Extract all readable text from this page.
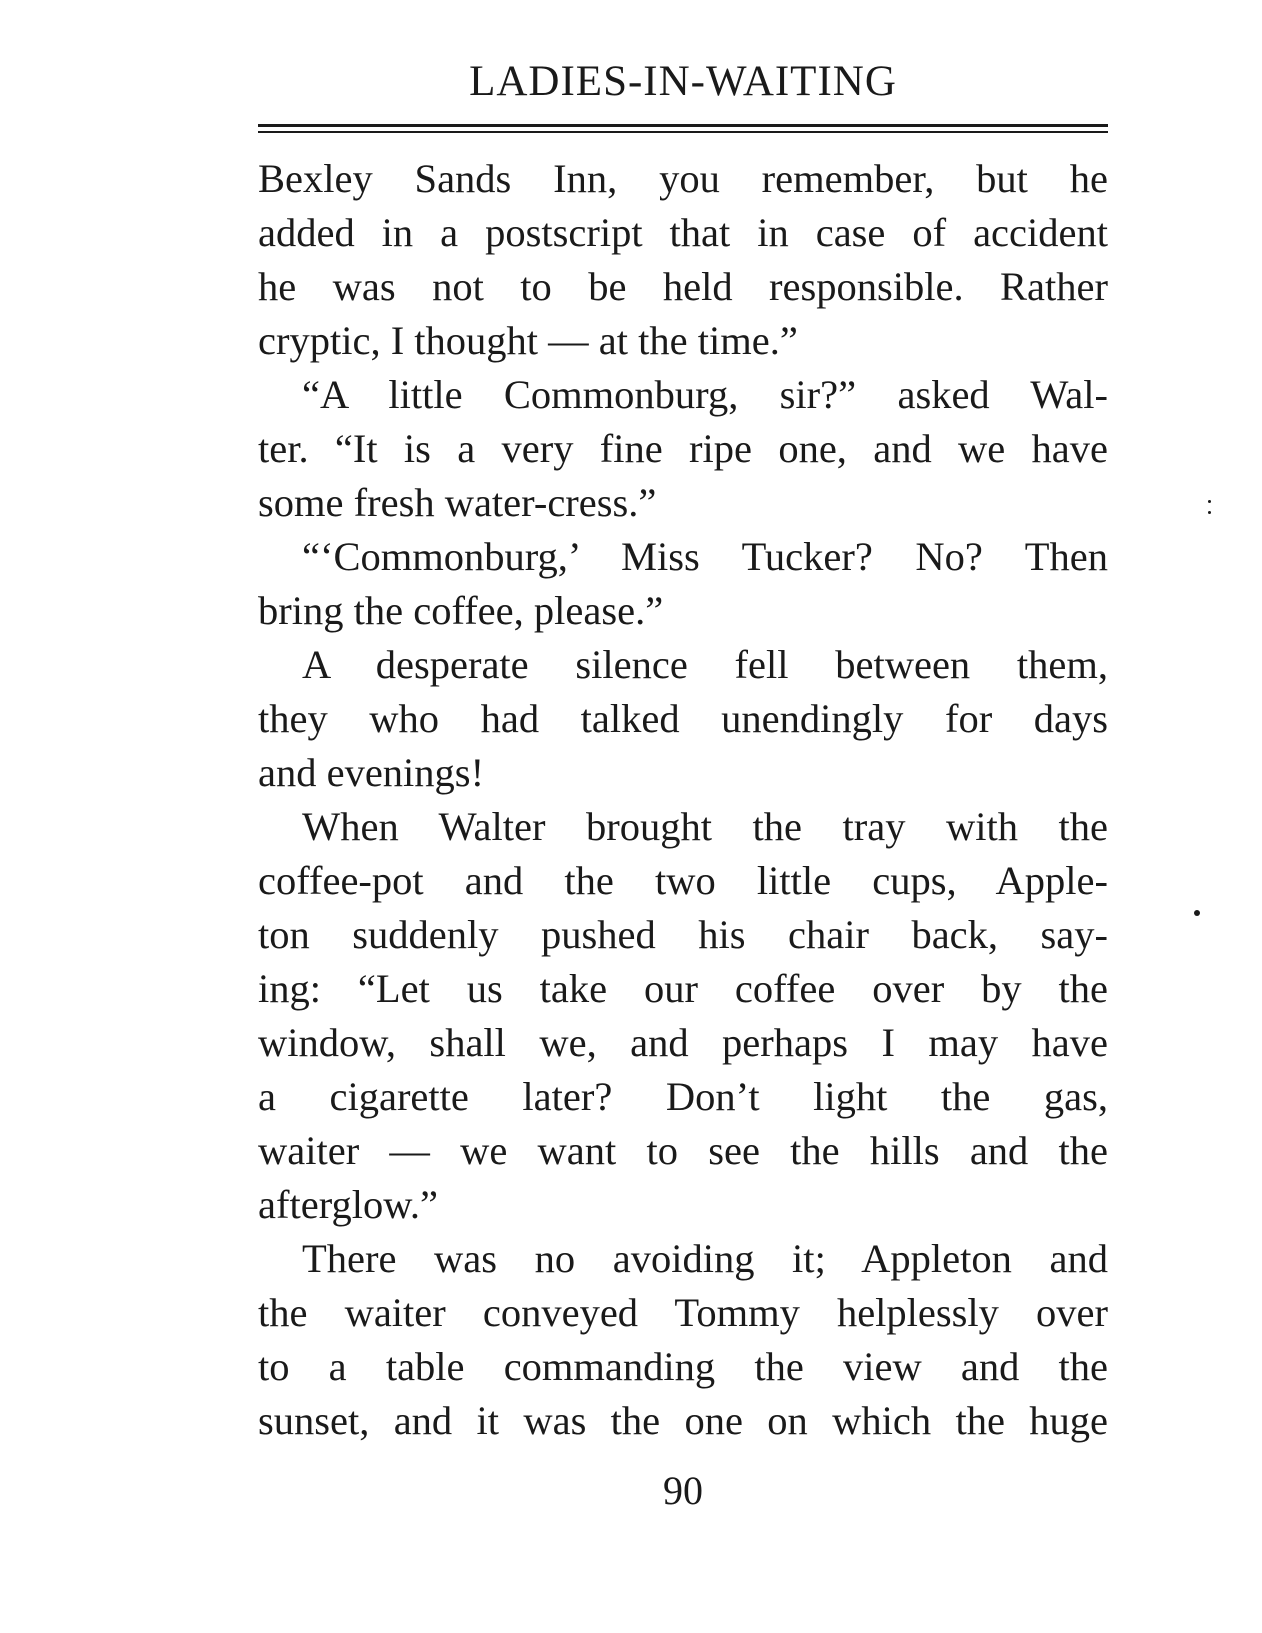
LADIES-IN-WAITING
Bexley Sands Inn, you remember, but he
added in a postscript that in case of accident
he was not to be held responsible. Rather
cryptic, I thought — at the time.”
“A little Commonburg, sir?” asked Wal-
ter. “It is a very fine ripe one, and we have
some fresh water-cress.”
“‘Commonburg,’ Miss Tucker? No? Then
bring the coffee, please.”
A desperate silence fell between them,
they who had talked unendingly for days
and evenings!
When Walter brought the tray with the
coffee-pot and the two little cups, Apple-
ton suddenly pushed his chair back, say-
ing: “Let us take our coffee over by the
window, shall we, and perhaps I may have
a cigarette later? Don’t light the gas,
waiter — we want to see the hills and the
afterglow.”
There was no avoiding it; Appleton and
the waiter conveyed Tommy helplessly over
to a table commanding the view and the
sunset, and it was the one on which the huge
90
